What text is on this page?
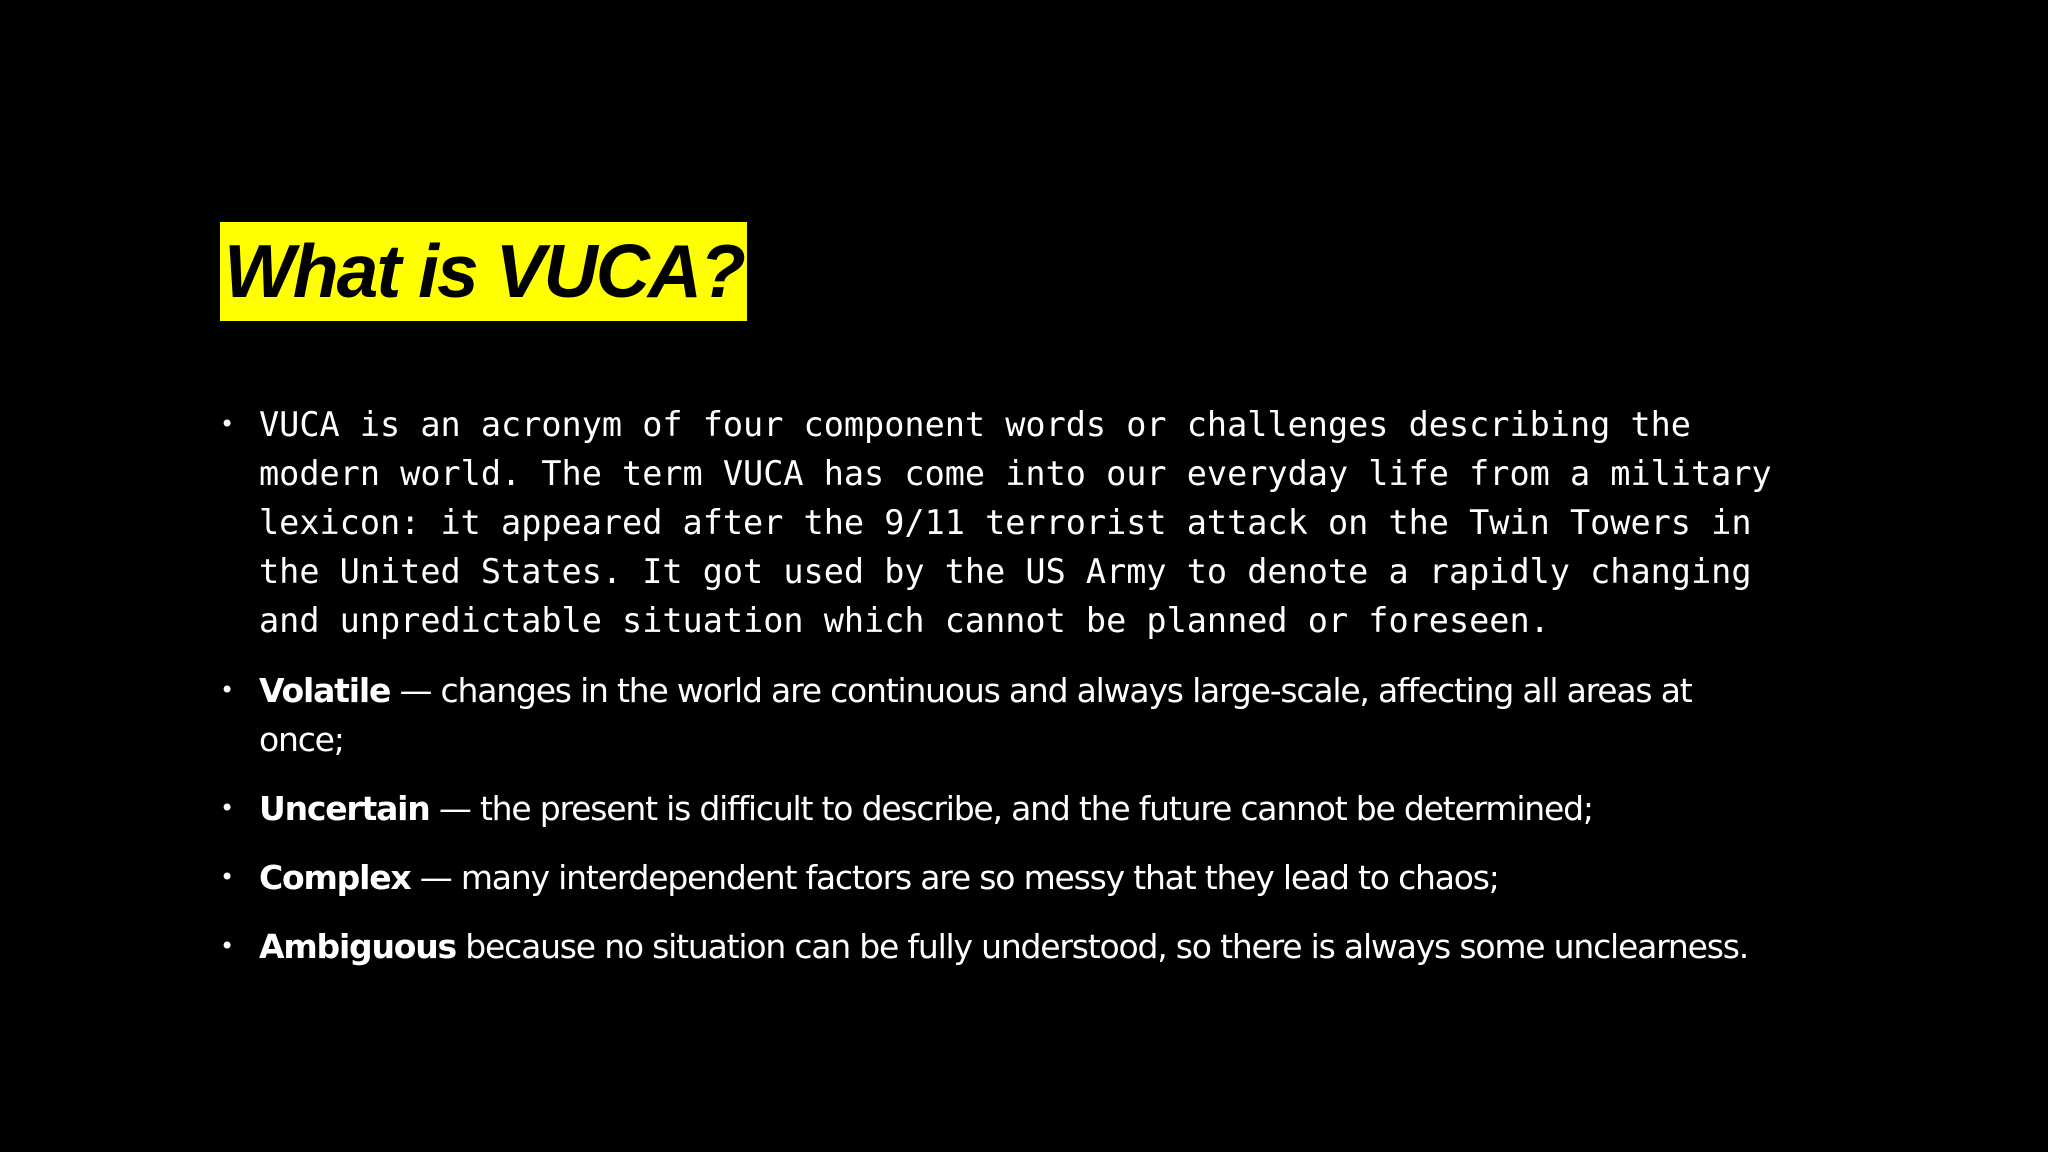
What is VUCA?
• VUCA is an acronym of four component words or challenges describing the modern world. The term VUCA has come into our everyday life from a military lexicon: it appeared after the 9/11 terrorist attack on the Twin Towers in the United States. It got used by the US Army to denote a rapidly changing and unpredictable situation which cannot be planned or foreseen.
• Volatile — changes in the world are continuous and always large-scale, affecting all areas at once;
• Uncertain — the present is difficult to describe, and the future cannot be determined;
• Complex — many interdependent factors are so messy that they lead to chaos;
• Ambiguous because no situation can be fully understood, so there is always some unclearness.
